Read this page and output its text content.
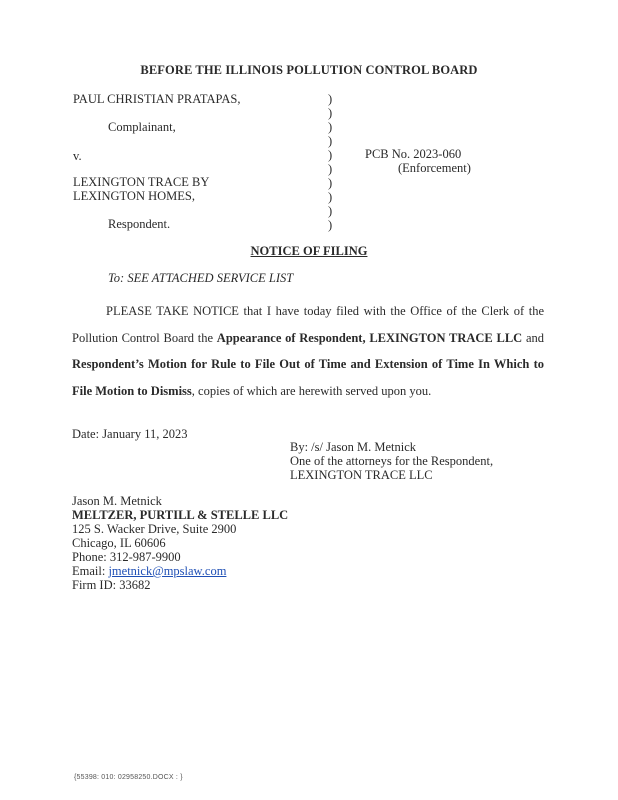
BEFORE THE ILLINOIS POLLUTION CONTROL BOARD
PAUL CHRISTIAN PRATAPAS,
Complainant,
v.
LEXINGTON TRACE BY
LEXINGTON HOMES,
Respondent.
)
)
)
)
)
)
)
)
)
)
PCB No. 2023-060
(Enforcement)
NOTICE OF FILING
To: SEE ATTACHED SERVICE LIST
PLEASE TAKE NOTICE that I have today filed with the Office of the Clerk of the Pollution Control Board the Appearance of Respondent, LEXINGTON TRACE LLC and Respondent’s Motion for Rule to File Out of Time and Extension of Time In Which to File Motion to Dismiss, copies of which are herewith served upon you.
Date: January 11, 2023
By: /s/ Jason M. Metnick
One of the attorneys for the Respondent,
LEXINGTON TRACE LLC
Jason M. Metnick
MELTZER, PURTILL & STELLE LLC
125 S. Wacker Drive, Suite 2900
Chicago, IL 60606
Phone: 312-987-9900
Email: jmetnick@mpslaw.com
Firm ID: 33682
{55398: 010: 02958250.DOCX : }
